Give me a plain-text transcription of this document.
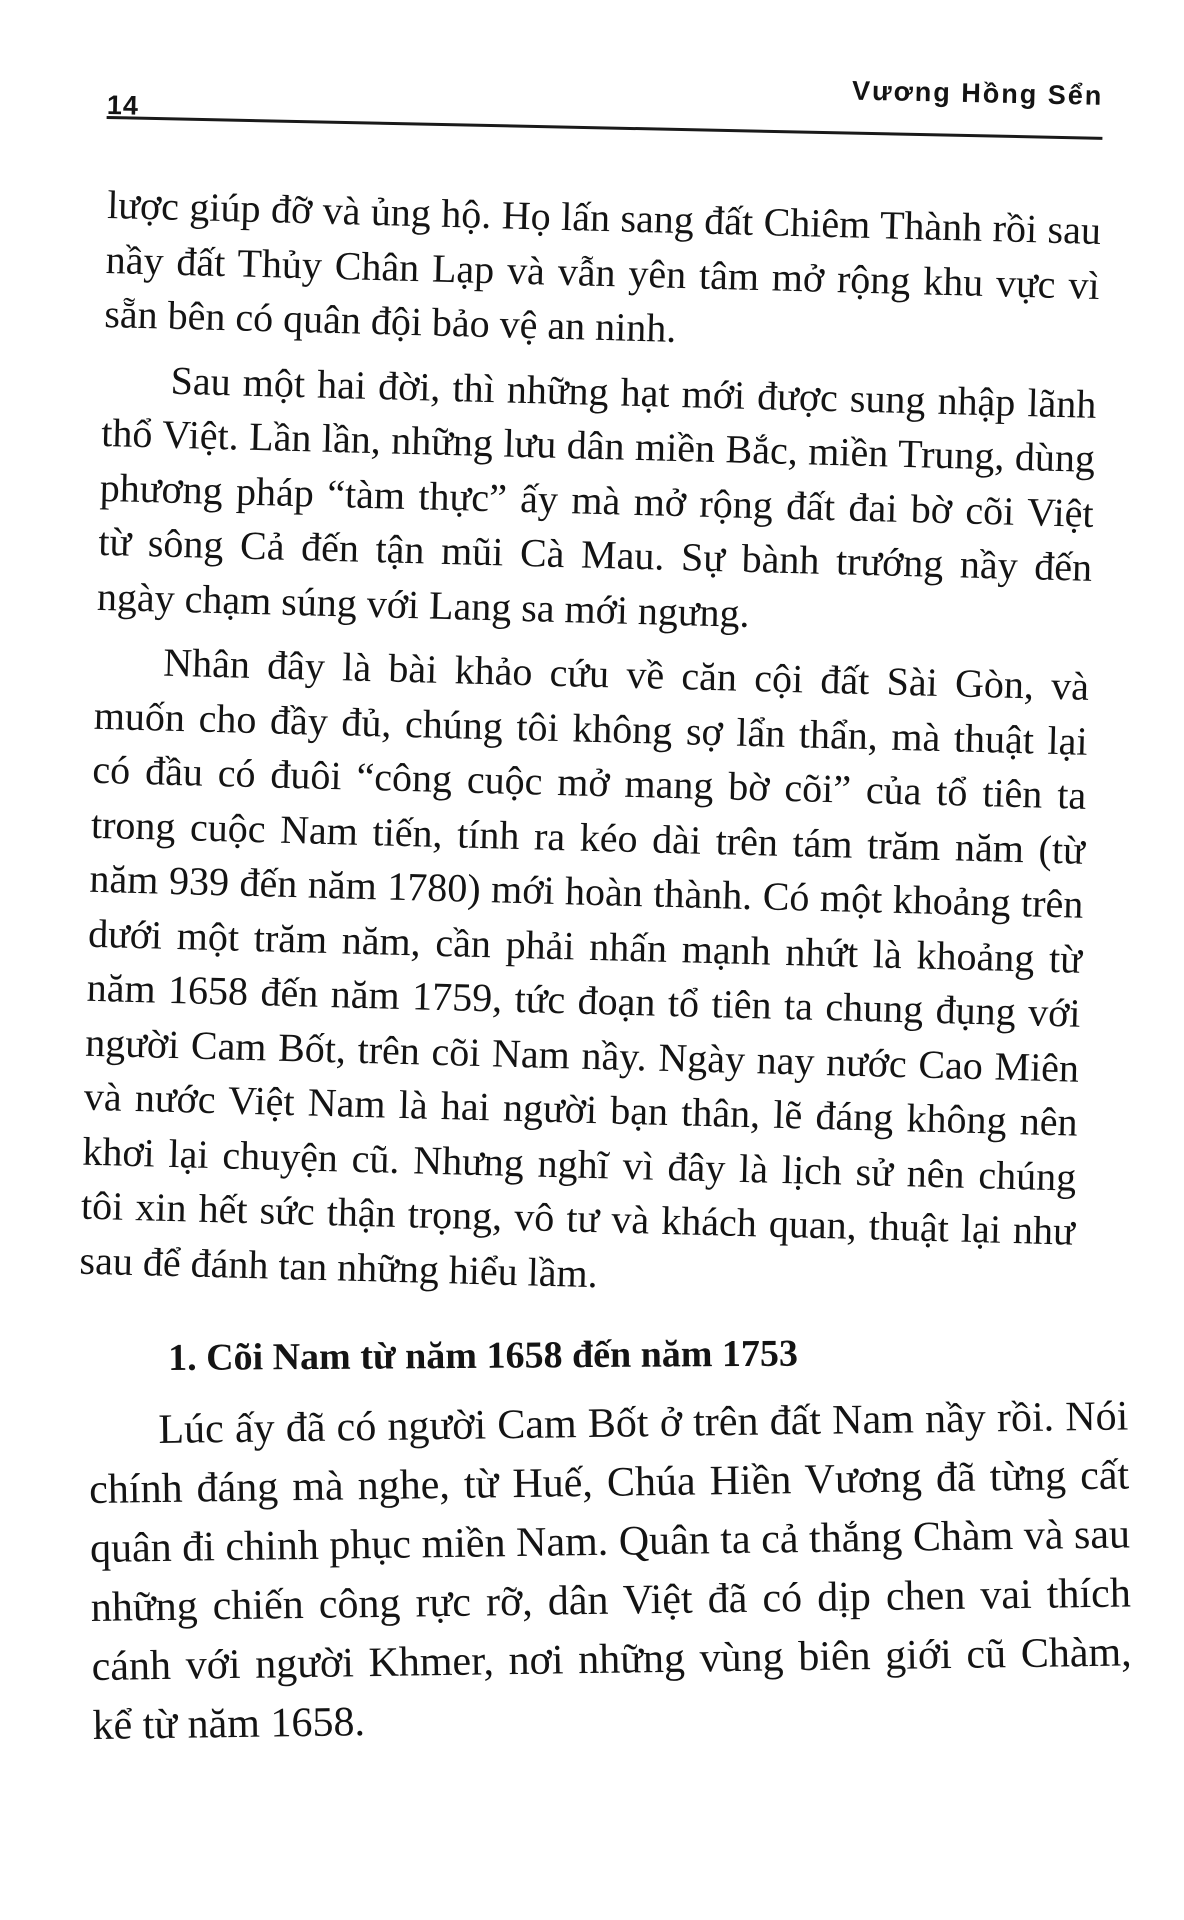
14	Vương Hồng Sển

lược giúp đỡ và ủng hộ. Họ lấn sang đất Chiêm Thành rồi sau nầy đất Thủy Chân Lạp và vẫn yên tâm mở rộng khu vực vì sẵn bên có quân đội bảo vệ an ninh.

Sau một hai đời, thì những hạt mới được sung nhập lãnh thổ Việt. Lần lần, những lưu dân miền Bắc, miền Trung, dùng phương pháp “tàm thực” ấy mà mở rộng đất đai bờ cõi Việt từ sông Cả đến tận mũi Cà Mau. Sự bành trướng nầy đến ngày chạm súng với Lang sa mới ngưng.

Nhân đây là bài khảo cứu về căn cội đất Sài Gòn, và muốn cho đầy đủ, chúng tôi không sợ lẩn thẩn, mà thuật lại có đầu có đuôi “công cuộc mở mang bờ cõi” của tổ tiên ta trong cuộc Nam tiến, tính ra kéo dài trên tám trăm năm (từ năm 939 đến năm 1780) mới hoàn thành. Có một khoảng trên dưới một trăm năm, cần phải nhấn mạnh nhứt là khoảng từ năm 1658 đến năm 1759, tức đoạn tổ tiên ta chung đụng với người Cam Bốt, trên cõi Nam nầy. Ngày nay nước Cao Miên và nước Việt Nam là hai người bạn thân, lẽ đáng không nên khơi lại chuyện cũ. Nhưng nghĩ vì đây là lịch sử nên chúng tôi xin hết sức thận trọng, vô tư và khách quan, thuật lại như sau để đánh tan những hiểu lầm.

1. Cõi Nam từ năm 1658 đến năm 1753

Lúc ấy đã có người Cam Bốt ở trên đất Nam nầy rồi. Nói chính đáng mà nghe, từ Huế, Chúa Hiền Vương đã từng cất quân đi chinh phục miền Nam. Quân ta cả thắng Chàm và sau những chiến công rực rỡ, dân Việt đã có dịp chen vai thích cánh với người Khmer, nơi những vùng biên giới cũ Chàm, kể từ năm 1658.
